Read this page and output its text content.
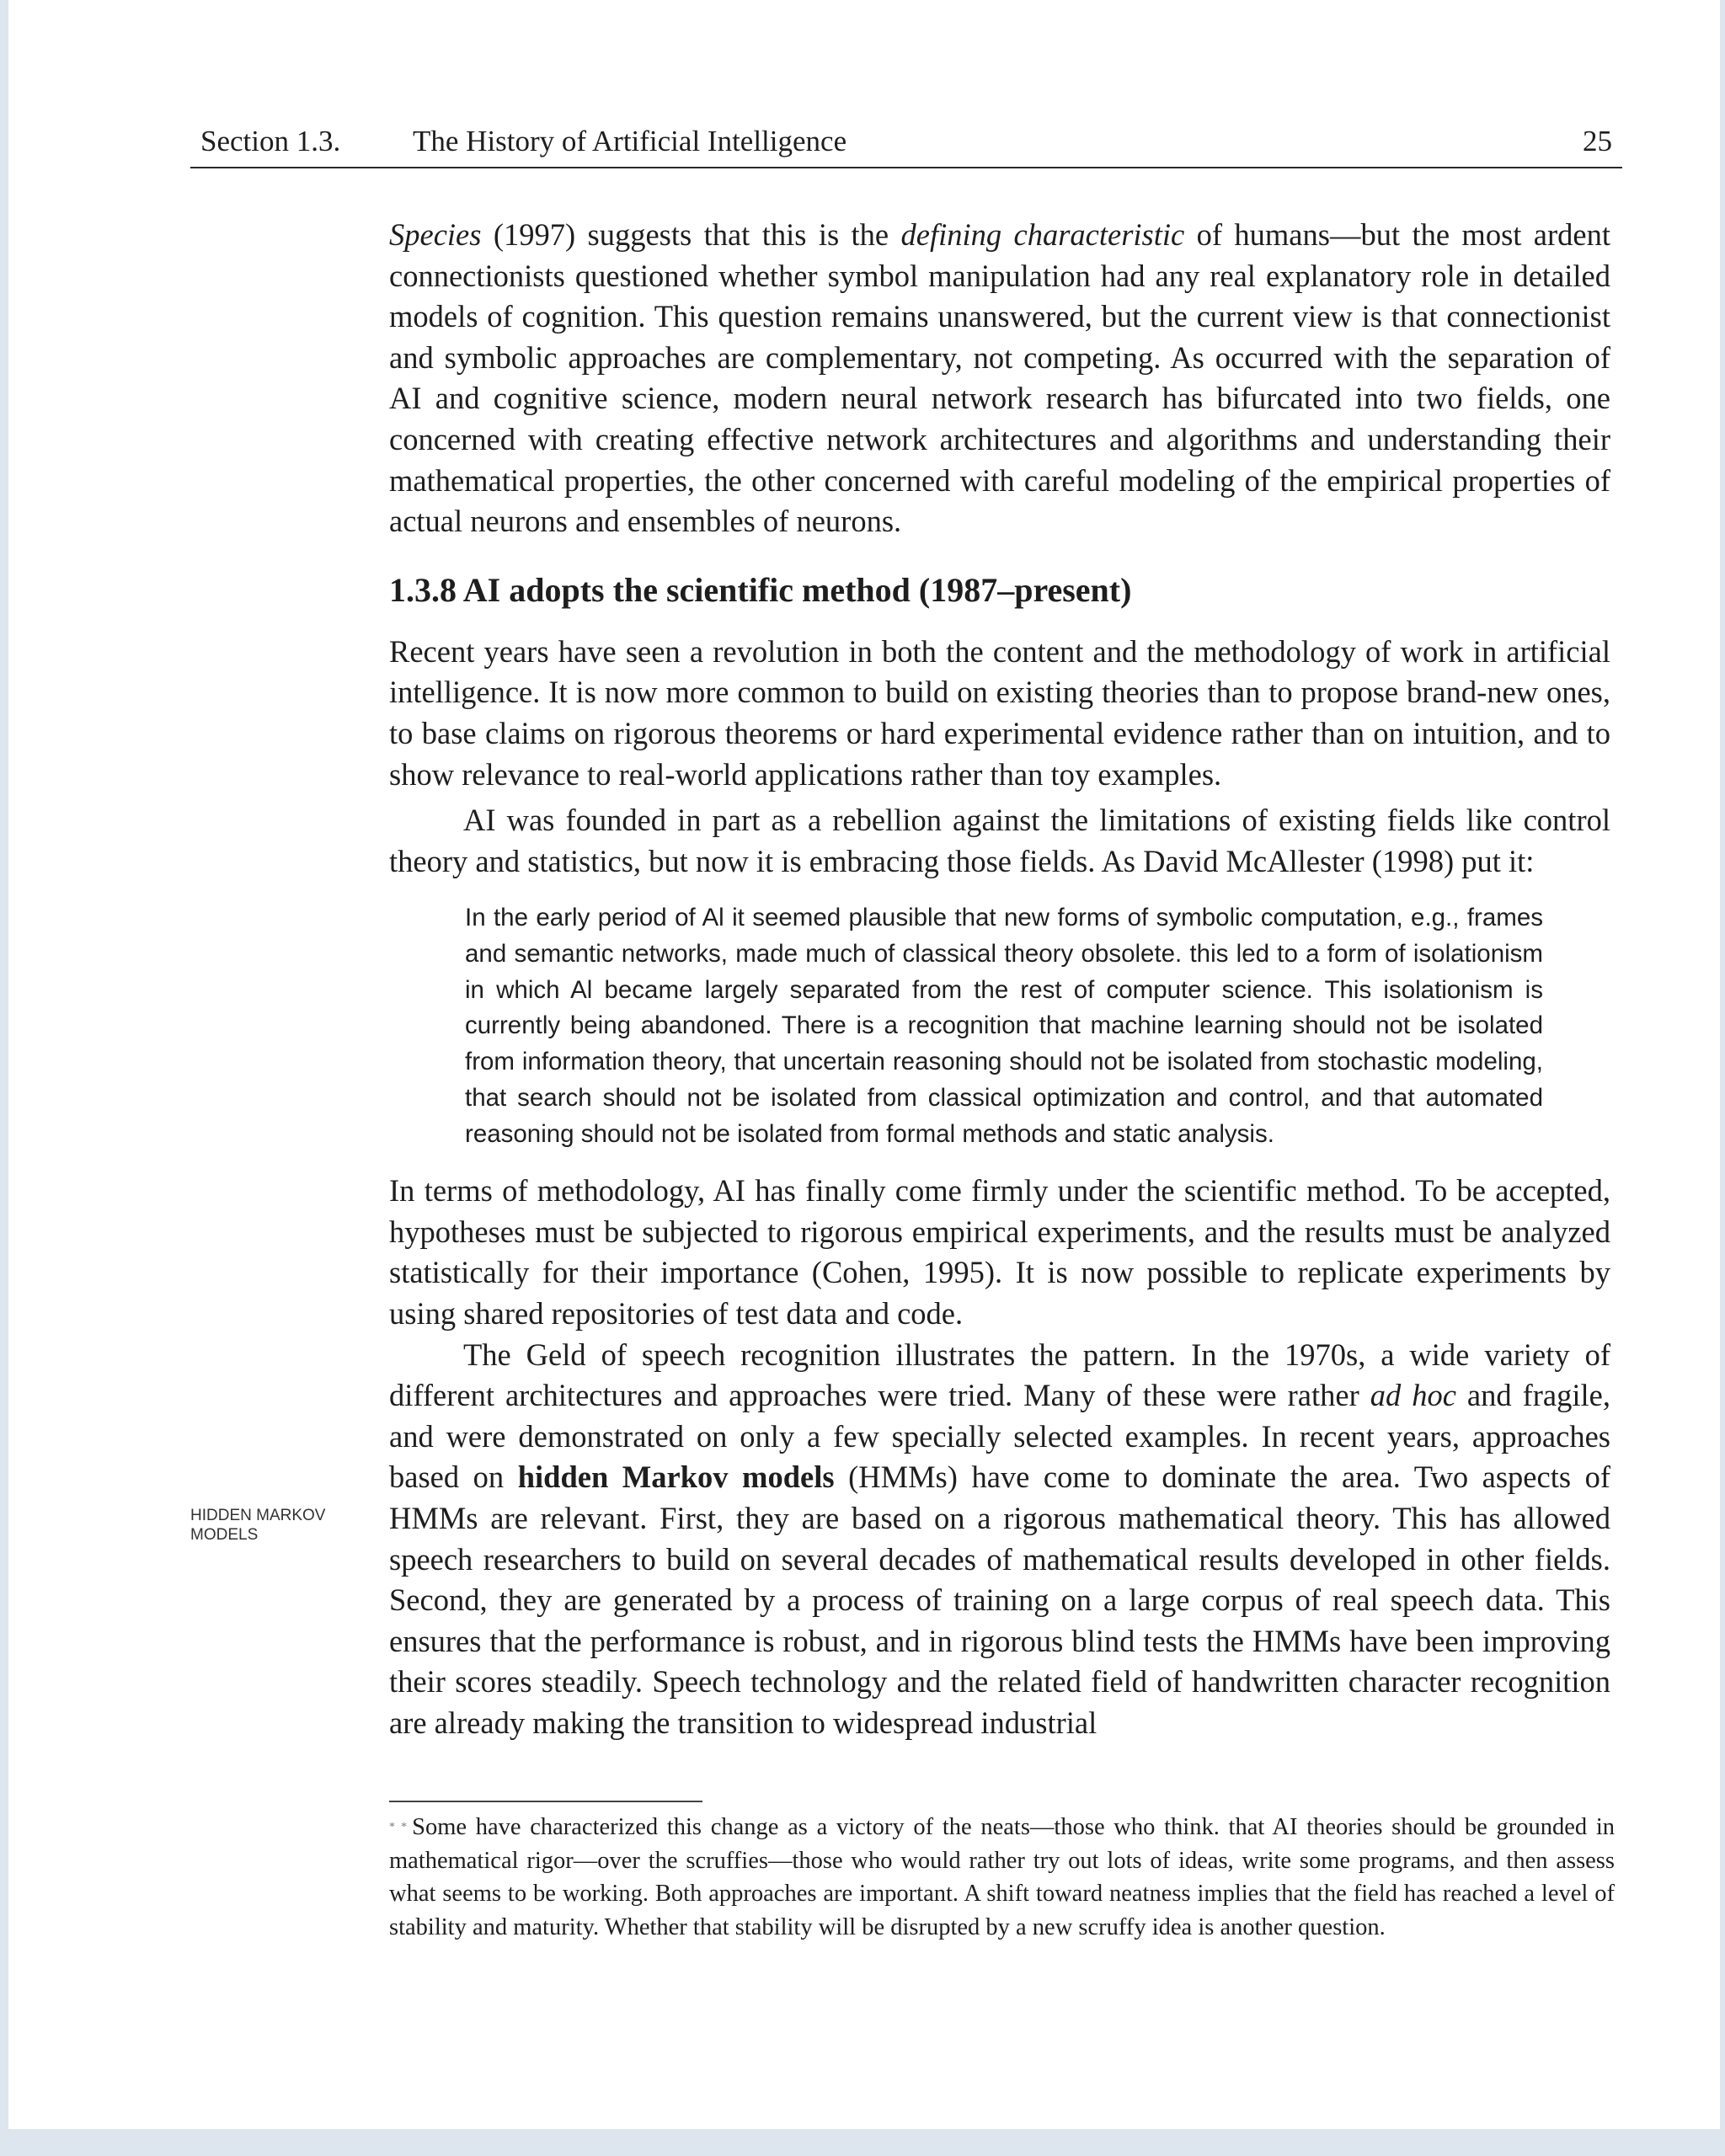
Section 1.3. The History of Artificial Intelligence	25
HIDDEN MARKOV MODELS

Species (1997) suggests that this is the defining characteristic of humans—but the most ardent connectionists questioned whether symbol manipulation had any real explanatory role in detailed models of cognition. This question remains unanswered, but the current view is that connectionist and symbolic approaches are complementary, not competing. As occurred with the separation of AI and cognitive science, modern neural network research has bifurcated into two fields, one concerned with creating effective network architectures and algorithms and understanding their mathematical properties, the other concerned with careful modeling of the empirical properties of actual neurons and ensembles of neurons.

1.3.8 AI adopts the scientific method (1987–present)

Recent years have seen a revolution in both the content and the methodology of work in artificial intelligence. It is now more common to build on existing theories than to propose brand-new ones, to base claims on rigorous theorems or hard experimental evidence rather than on intuition, and to show relevance to real-world applications rather than toy examples.

AI was founded in part as a rebellion against the limitations of existing fields like control theory and statistics, but now it is embracing those fields. As David McAllester (1998) put it:

In the early period of Al it seemed plausible that new forms of symbolic computation, e.g., frames and semantic networks, made much of classical theory obsolete. this led to a form of isolationism in which Al became largely separated from the rest of computer science. This isolationism is currently being abandoned. There is a recognition that machine learning should not be isolated from information theory, that uncertain reasoning should not be isolated from stochastic modeling, that search should not be isolated from classical optimization and control, and that automated reasoning should not be isolated from formal methods and static analysis.

In terms of methodology, AI has finally come firmly under the scientific method. To be accepted, hypotheses must be subjected to rigorous empirical experiments, and the results must be analyzed statistically for their importance (Cohen, 1995). It is now possible to replicate experiments by using shared repositories of test data and code.

The Geld of speech recognition illustrates the pattern. In the 1970s, a wide variety of different architectures and approaches were tried. Many of these were rather ad hoc and fragile, and were demonstrated on only a few specially selected examples. In recent years, approaches based on hidden Markov models (HMMs) have come to dominate the area. Two aspects of HMMs are relevant. First, they are based on a rigorous mathematical theory. This has allowed speech researchers to build on several decades of mathematical results developed in other fields. Second, they are generated by a process of training on a large corpus of real speech data. This ensures that the performance is robust, and in rigorous blind tests the HMMs have been improving their scores steadily. Speech technology and the related field of handwritten character recognition are already making the transition to widespread industrial

* * Some have characterized this change as a victory of the neats—those who think. that AI theories should be grounded in mathematical rigor—over the scruffies—those who would rather try out lots of ideas, write some programs, and then assess what seems to be working. Both approaches are important. A shift toward neatness implies that the field has reached a level of stability and maturity. Whether that stability will be disrupted by a new scruffy idea is another question.
